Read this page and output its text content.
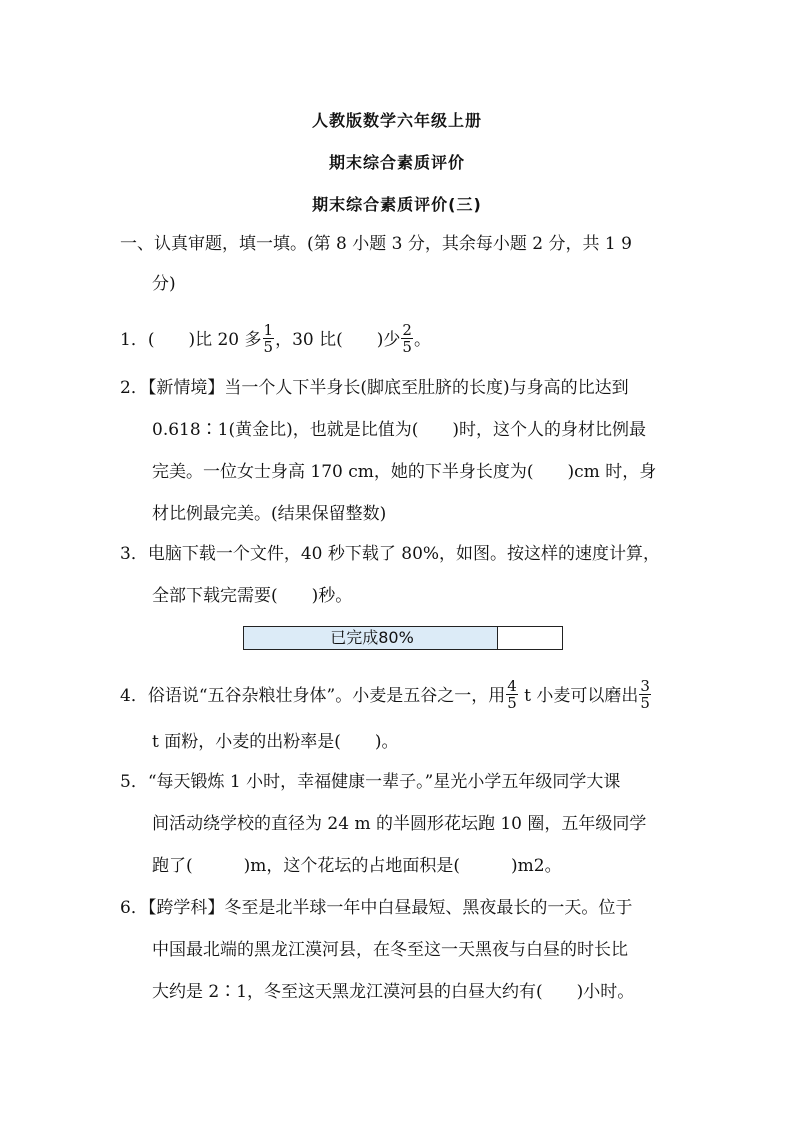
人教版数学六年级上册
期末综合素质评价
期末综合素质评价(三)
一、认真审题，填一填。(第 8 小题 3 分，其余每小题 2 分，共 1 9
分)
1．(　　)比 20 多 $\frac{1}{5}$ ，30 比(　　)少 $\frac{2}{5}$ 。
2．【新情境】当一个人下半身长(脚底至肚脐的长度)与身高的比达到
0.618∶1(黄金比)，也就是比值为(　　)时，这个人的身材比例最
完美。一位女士身高 170 cm，她的下半身长度为(　　)cm 时，身
材比例最完美。(结果保留整数)
3．电脑下载一个文件，40 秒下载了 80%，如图。按这样的速度计算，
全部下载完需要(　　)秒。
已完成80%
4．俗语说“五谷杂粮壮身体”。小麦是五谷之一，用 $\frac{4}{5}$ t 小麦可以磨出 $\frac{3}{5}$
t 面粉，小麦的出粉率是(　　)。
5．“每天锻炼 1 小时，幸福健康一辈子。”星光小学五年级同学大课
间活动绕学校的直径为 24 m 的半圆形花坛跑 10 圈，五年级同学
跑了(　　　)m，这个花坛的占地面积是(　　　)m2。
6．【跨学科】冬至是北半球一年中白昼最短、黑夜最长的一天。位于
中国最北端的黑龙江漠河县，在冬至这一天黑夜与白昼的时长比
大约是 2∶1，冬至这天黑龙江漠河县的白昼大约有(　　)小时。
